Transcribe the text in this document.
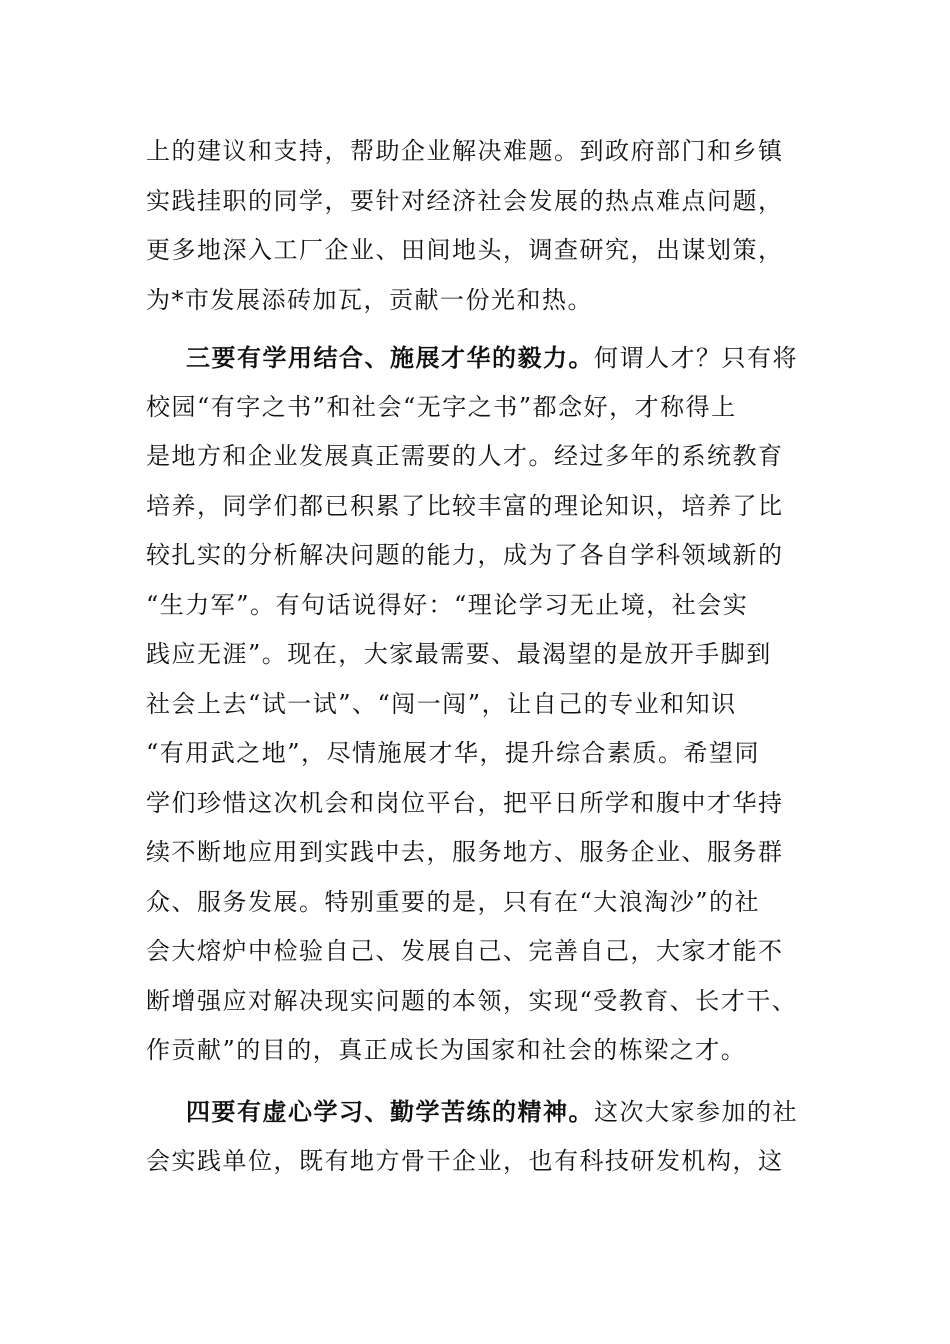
上的建议和支持，帮助企业解决难题。到政府部门和乡镇
实践挂职的同学，要针对经济社会发展的热点难点问题，
更多地深入工厂企业、田间地头，调查研究，出谋划策，
为*市发展添砖加瓦，贡献一份光和热。
三要有学用结合、施展才华的毅力。何谓人才？只有将
校园“有字之书”和社会“无字之书”都念好，才称得上
是地方和企业发展真正需要的人才。经过多年的系统教育
培养，同学们都已积累了比较丰富的理论知识，培养了比
较扎实的分析解决问题的能力，成为了各自学科领域新的
“生力军”。有句话说得好：“理论学习无止境，社会实
践应无涯”。现在，大家最需要、最渴望的是放开手脚到
社会上去“试一试”、“闯一闯”，让自己的专业和知识
“有用武之地”，尽情施展才华，提升综合素质。希望同
学们珍惜这次机会和岗位平台，把平日所学和腹中才华持
续不断地应用到实践中去，服务地方、服务企业、服务群
众、服务发展。特别重要的是，只有在“大浪淘沙”的社
会大熔炉中检验自己、发展自己、完善自己，大家才能不
断增强应对解决现实问题的本领，实现“受教育、长才干、
作贡献”的目的，真正成长为国家和社会的栋梁之才。
四要有虚心学习、勤学苦练的精神。这次大家参加的社
会实践单位，既有地方骨干企业，也有科技研发机构，这
